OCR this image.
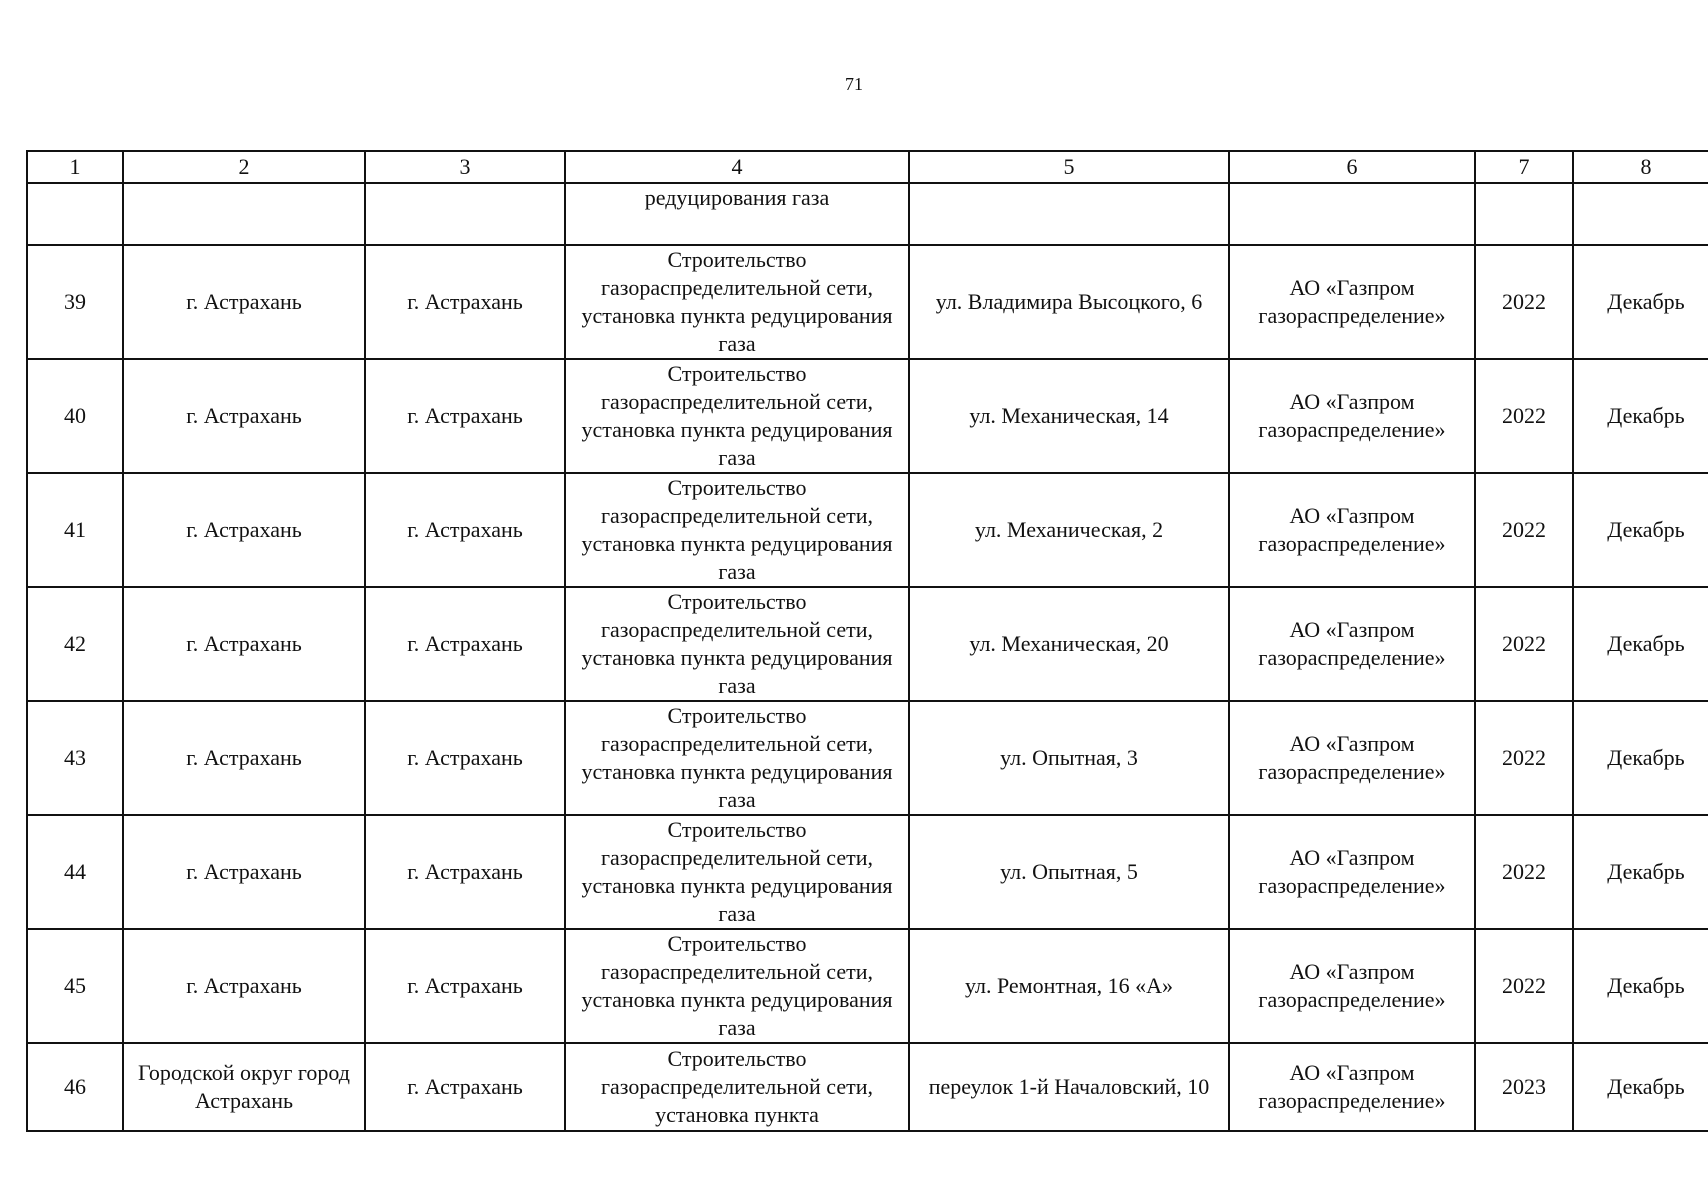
71
1	2	3	4	5	6	7	8
			редуцирования газа				
39	г. Астрахань	г. Астрахань	Строительство газораспределительной сети, установка пункта редуцирования газа	ул. Владимира Высоцкого, 6	АО «Газпром газораспределение»	2022	Декабрь
40	г. Астрахань	г. Астрахань	Строительство газораспределительной сети, установка пункта редуцирования газа	ул. Механическая, 14	АО «Газпром газораспределение»	2022	Декабрь
41	г. Астрахань	г. Астрахань	Строительство газораспределительной сети, установка пункта редуцирования газа	ул. Механическая, 2	АО «Газпром газораспределение»	2022	Декабрь
42	г. Астрахань	г. Астрахань	Строительство газораспределительной сети, установка пункта редуцирования газа	ул. Механическая, 20	АО «Газпром газораспределение»	2022	Декабрь
43	г. Астрахань	г. Астрахань	Строительство газораспределительной сети, установка пункта редуцирования газа	ул. Опытная, 3	АО «Газпром газораспределение»	2022	Декабрь
44	г. Астрахань	г. Астрахань	Строительство газораспределительной сети, установка пункта редуцирования газа	ул. Опытная, 5	АО «Газпром газораспределение»	2022	Декабрь
45	г. Астрахань	г. Астрахань	Строительство газораспределительной сети, установка пункта редуцирования газа	ул. Ремонтная, 16 «А»	АО «Газпром газораспределение»	2022	Декабрь
46	Городской округ город Астрахань	г. Астрахань	Строительство газораспределительной сети, установка пункта	переулок 1-й Началовский, 10	АО «Газпром газораспределение»	2023	Декабрь
